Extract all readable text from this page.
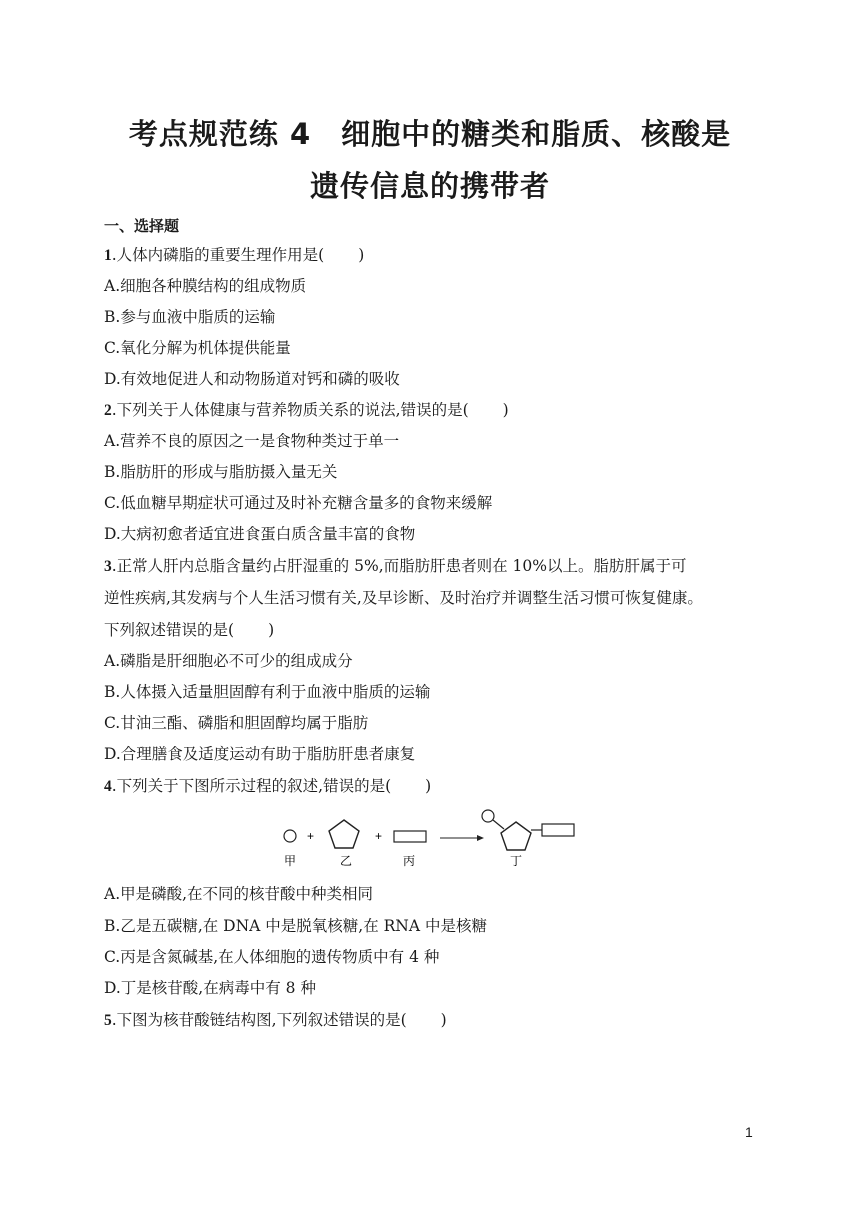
考点规范练 4　细胞中的糖类和脂质、核酸是
遗传信息的携带者
一、选择题
1.人体内磷脂的重要生理作用是( )
A.细胞各种膜结构的组成物质
B.参与血液中脂质的运输
C.氧化分解为机体提供能量
D.有效地促进人和动物肠道对钙和磷的吸收
2.下列关于人体健康与营养物质关系的说法,错误的是( )
A.营养不良的原因之一是食物种类过于单一
B.脂肪肝的形成与脂肪摄入量无关
C.低血糖早期症状可通过及时补充糖含量多的食物来缓解
D.大病初愈者适宜进食蛋白质含量丰富的食物
3.正常人肝内总脂含量约占肝湿重的 5%,而脂肪肝患者则在 10%以上。脂肪肝属于可
逆性疾病,其发病与个人生活习惯有关,及早诊断、及时治疗并调整生活习惯可恢复健康。
下列叙述错误的是( )
A.磷脂是肝细胞必不可少的组成成分
B.人体摄入适量胆固醇有利于血液中脂质的运输
C.甘油三酯、磷脂和胆固醇均属于脂肪
D.合理膳食及适度运动有助于脂肪肝患者康复
4.下列关于下图所示过程的叙述,错误的是( )
+	+
甲	乙	丙	丁
A.甲是磷酸,在不同的核苷酸中种类相同
B.乙是五碳糖,在 DNA 中是脱氧核糖,在 RNA 中是核糖
C.丙是含氮碱基,在人体细胞的遗传物质中有 4 种
D.丁是核苷酸,在病毒中有 8 种
5.下图为核苷酸链结构图,下列叙述错误的是( )
1
